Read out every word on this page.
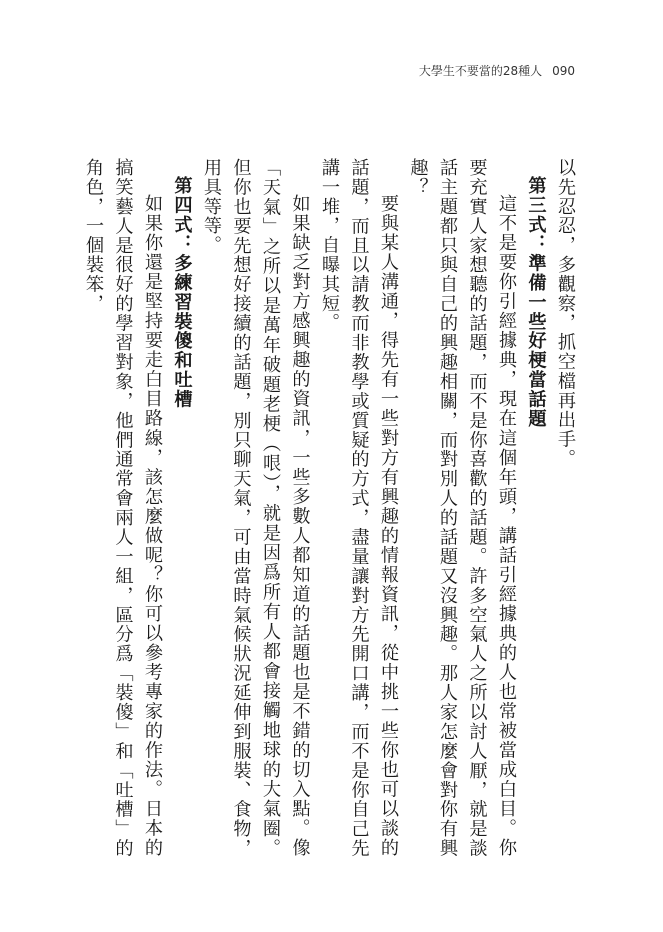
大學生不要當的28種人 090

以先忍忍，多觀察，抓空檔再出手。

第三式：準備一些好梗當話題

這不是要你引經據典，現在這個年頭，講話引經據典的人也常被當成白目。你要充實人家想聽的話題，而不是你喜歡的話題。許多空氣人之所以討人厭，就是談話主題都只與自己的興趣相關，而對別人的話題又沒興趣。那人家怎麼會對你有興趣？

要與某人溝通，得先有一些對方有興趣的情報資訊，從中挑一些你也可以談的話題，而且以請教而非教學或質疑的方式，盡量讓對方先開口講，而不是你自己先講一堆，自曝其短。

如果缺乏對方感興趣的資訊，一些多數人都知道的話題也是不錯的切入點。像「天氣」之所以是萬年破題老梗（哏），就是因爲所有人都會接觸地球的大氣圈。但你也要先想好接續的話題，別只聊天氣，可由當時氣候狀況延伸到服裝、食物，用具等等。

第四式：多練習裝傻和吐槽

如果你還是堅持要走白目路線，該怎麼做呢？你可以參考專家的作法。日本的搞笑藝人是很好的學習對象，他們通常會兩人一組，區分爲「裝傻」和「吐槽」的角色，一個裝笨，
